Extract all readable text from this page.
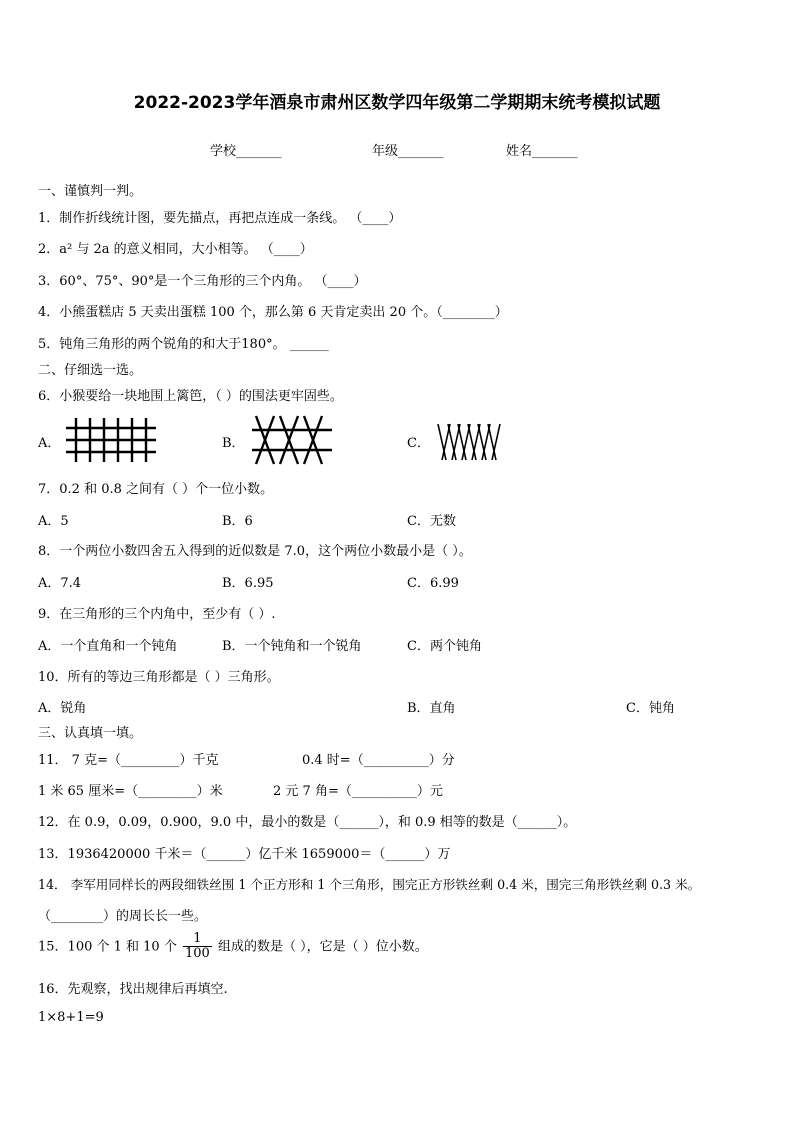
2022-2023学年酒泉市肃州区数学四年级第二学期期末统考模拟试题
学校_______	年级_______	姓名_______
一、谨慎判一判。
1．制作折线统计图，要先描点，再把点连成一条线。 （____）
2．a² 与 2a 的意义相同，大小相等。 （____）
3．60°、75°、90°是一个三角形的三个内角。 （____）
4．小熊蛋糕店 5 天卖出蛋糕 100 个，那么第 6 天肯定卖出 20 个。（________）
5．钝角三角形的两个锐角的和大于180°。 ______
二、仔细选一选。
6．小猴要给一块地围上篱笆，（ ）的围法更牢固些。
A．	B．	C．
7．0.2 和 0.8 之间有（ ）个一位小数。
A．5	B．6	C．无数
8．一个两位小数四舍五入得到的近似数是 7.0，这个两位小数最小是（ ）。
A．7.4	B．6.95	C．6.99
9．在三角形的三个内角中，至少有（ ）.
A．一个直角和一个钝角	B．一个钝角和一个锐角	C．两个钝角
10．所有的等边三角形都是（ ）三角形。
A．锐角	B．直角	C．钝角
三、认真填一填。
11． 7 克=（_________）千克	0.4 时=（__________）分
1 米 65 厘米=（_________）米	2 元 7 角=（__________）元
12．在 0.9，0.09，0.900，9.0 中，最小的数是（______），和 0.9 相等的数是（______）。
13．1936420000 千米＝（______）亿千米 1659000＝（______）万
14． 李军用同样长的两段细铁丝围 1 个正方形和 1 个三角形，围完正方形铁丝剩 0.4 米，围完三角形铁丝剩 0.3 米。
（________）的周长长一些。
15．100 个 1 和 10 个 $\frac{1}{100}$ 组成的数是（ ），它是（ ）位小数。
16．先观察，找出规律后再填空.
1×8+1=9
